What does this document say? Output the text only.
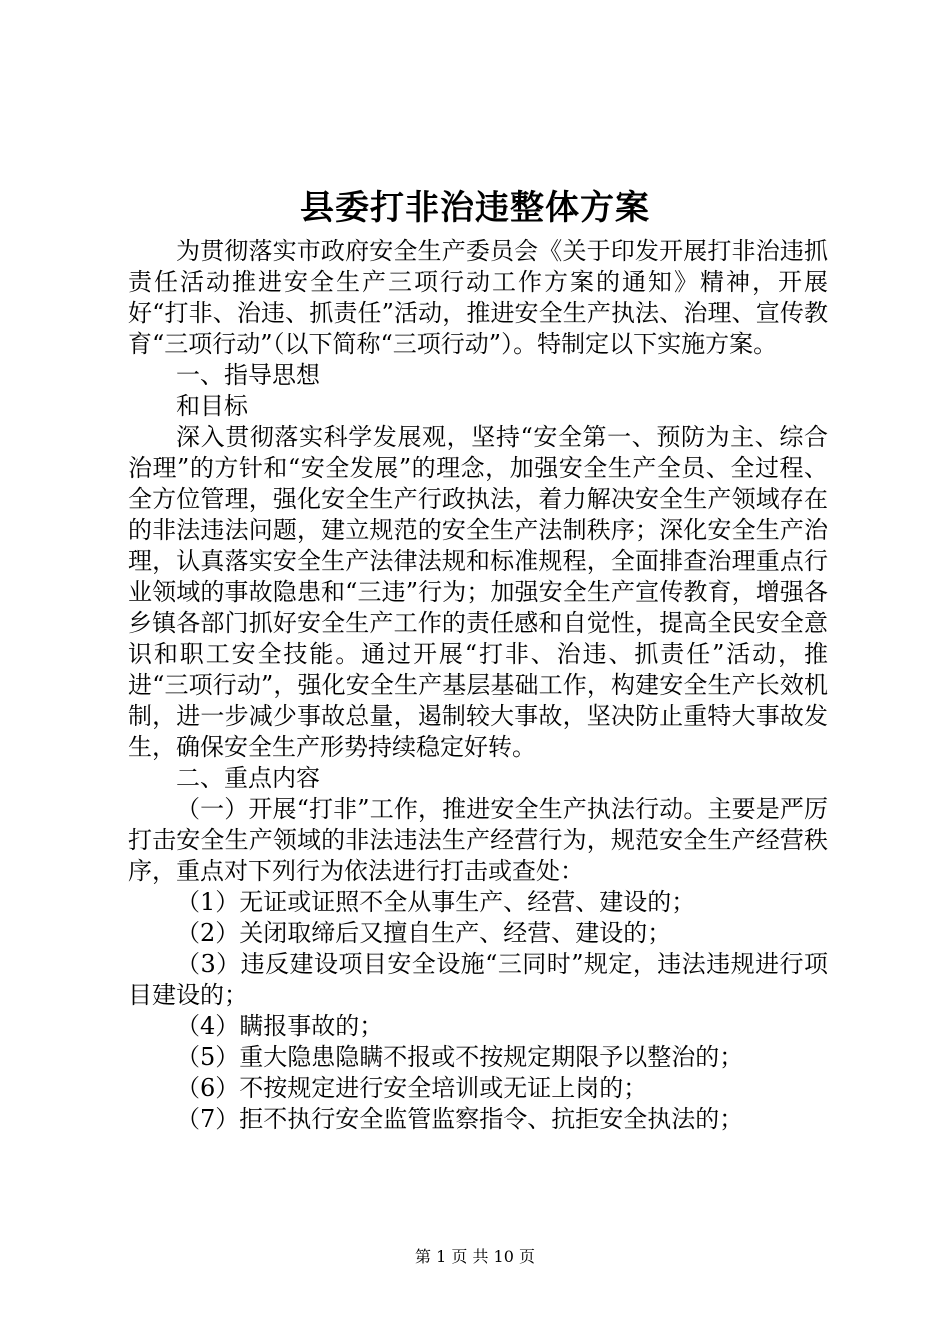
县委打非治违整体方案

为贯彻落实市政府安全生产委员会《关于印发开展打非治违抓责任活动推进安全生产三项行动工作方案的通知》精神，开展好“打非、治违、抓责任”活动，推进安全生产执法、治理、宣传教育“三项行动”（以下简称“三项行动”）。特制定以下实施方案。

一、指导思想

和目标

深入贯彻落实科学发展观，坚持“安全第一、预防为主、综合治理”的方针和“安全发展”的理念，加强安全生产全员、全过程、全方位管理，强化安全生产行政执法，着力解决安全生产领域存在的非法违法问题，建立规范的安全生产法制秩序；深化安全生产治理，认真落实安全生产法律法规和标准规程，全面排查治理重点行业领域的事故隐患和“三违”行为；加强安全生产宣传教育，增强各乡镇各部门抓好安全生产工作的责任感和自觉性，提高全民安全意识和职工安全技能。通过开展“打非、治违、抓责任”活动，推进“三项行动”，强化安全生产基层基础工作，构建安全生产长效机制，进一步减少事故总量，遏制较大事故，坚决防止重特大事故发生，确保安全生产形势持续稳定好转。

二、重点内容

（一）开展“打非”工作，推进安全生产执法行动。主要是严厉打击安全生产领域的非法违法生产经营行为，规范安全生产经营秩序，重点对下列行为依法进行打击或查处：

（1）无证或证照不全从事生产、经营、建设的；

（2）关闭取缔后又擅自生产、经营、建设的；

（3）违反建设项目安全设施“三同时”规定，违法违规进行项目建设的；

（4）瞒报事故的；

（5）重大隐患隐瞒不报或不按规定期限予以整治的；

（6）不按规定进行安全培训或无证上岗的；

（7）拒不执行安全监管监察指令、抗拒安全执法的；

第 1 页 共 10 页
